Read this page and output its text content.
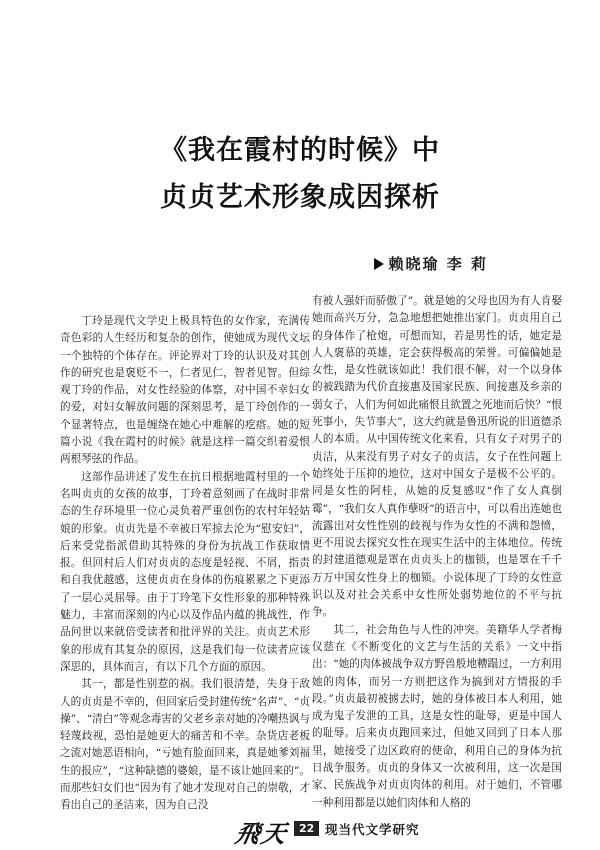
《我在霞村的时候》中
贞贞艺术形象成因探析
赖晓瑜 李 莉

丁玲是现代文学史上极具特色的女作家，充满传奇色彩的人生经历和复杂的创作，使她成为现代文坛一个独特的个体存在。评论界对丁玲的认识及对其创作的研究也是褒贬不一，仁者见仁，智者见智。但综观丁玲的作品，对女性经验的体察，对中国不幸妇女的爱，对妇女解放问题的深刻思考，是丁玲创作的一个显著特点，也是缠绕在她心中难解的疙瘩。她的短篇小说《我在霞村的时候》就是这样一篇交织着爱恨两根琴弦的作品。

这部作品讲述了发生在抗日根据地霞村里的一个名叫贞贞的女孩的故事，丁玲着意刻画了在战时非常态的生存环境里一位心灵负着严重创伤的农村年轻姑娘的形象。贞贞先是不幸被日军掠去沦为“慰安妇”，后来受党指派借助其特殊的身份为抗战工作获取情报。但回村后人们对贞贞的态度是轻视、不屑，指责和自我优越感，这使贞贞在身体的伤痕累累之下更添了一层心灵屈辱。由于丁玲笔下女性形象的那种特殊魅力，丰富而深刻的内心以及作品内蕴的挑战性，作品问世以来就倍受读者和批评界的关注。贞贞艺术形象的形成有其复杂的原因，这是我们每一位读者应该深思的，具体而言，有以下几个方面的原因。

其一，都是性别惹的祸。我们很清楚，失身于敌人的贞贞是不幸的，但回家后受封建传统“名声”、“贞操”、“清白”等观念毒害的父老乡亲对她的冷嘲热讽与轻蔑歧视，恐怕是她更大的痛苦和不幸。杂货店老板之流对她恶语相向，“亏她有脸面回来，真是她爹刘福生的报应”，“这种缺德的婆娘，是不该让她回来的”。而那些妇女们也“因为有了她才发现对自己的崇敬，才看出自己的圣洁来，因为自己没

有被人强奸而骄傲了”。就是她的父母也因为有人肯娶她而高兴万分，急急地想把她推出家门。贞贞用自己的身体作了枪炮，可想而知，若是男性的话，她定是人人褒慕的英雄，定会获得极高的荣誉。可偏偏她是女性，是女性就该如此！我们很不解，对一个以身体的被践踏为代价直接惠及国家民族、间接惠及乡亲的弱女子，人们为何如此痛恨且欲置之死地而后快？“恨死事小，失节事大”，这大约就是鲁迅所说的旧道德杀人的本质。从中国传统文化来看，只有女子对男子的贞洁，从来没有男子对女子的贞洁，女子在性问题上始终处于压抑的地位，这对中国女子是极不公平的。同是女性的阿桂，从她的反复感叹“作了女人真倒霉”，“我们女人真作孽呀”的语言中，可以看出连她也流露出对女性性别的歧视与作为女性的不满和怨愤，更不用说去探究女性在现实生活中的主体地位。传统的封建道德观是罩在贞贞头上的枷锁，也是罩在千千万万中国女性身上的枷锁。小说体现了丁玲的女性意识以及对社会关系中女性所处弱势地位的不平与抗争。

其二，社会角色与人性的冲突。美籍华人学者梅仪慈在《不断变化的文艺与生活的关系》一文中指出：“她的肉体被战争双方野兽般地糟蹋过，一方利用她的肉体，而另一方则把这作为搞到对方情报的手段。”贞贞最初被掳去时，她的身体被日本人利用，她成为鬼子发泄的工具，这是女性的耻辱，更是中国人的耻辱。后来贞贞跑回来过，但她又回到了日本人那里，她接受了边区政府的使命，利用自己的身体为抗日战争服务。贞贞的身体又一次被利用，这一次是国家、民族战争对贞贞肉体的利用。对于她们，不管哪一种利用都是以她们肉体和人格的

飛天 22 现当代文学研究
